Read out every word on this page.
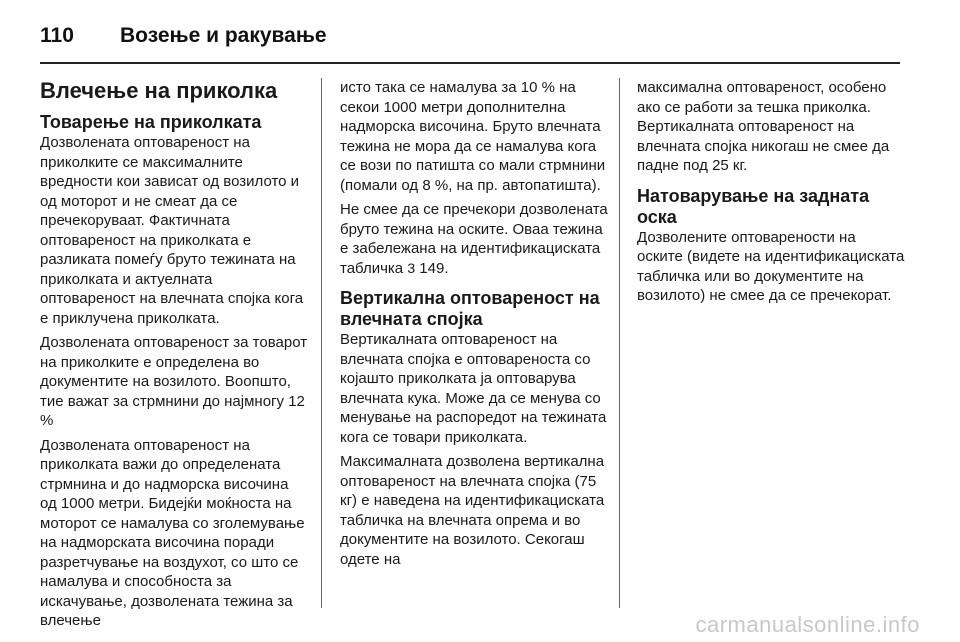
110	Возење и ракување
Влечење на приколка
Товарење на приколката

Дозволената оптовареност на приколките се максималните вредности кои зависат од возилото и од моторот и не смеат да се пречекоруваат. Фактичната оптовареност на приколката е разликата помеѓу бруто тежината на приколката и актуелната оптовареност на влечната спојка кога е приклучена приколката.

Дозволената оптовареност за товарот на приколките е определена во документите на возилото. Воопшто, тие важат за стрмнини до најмногу 12 %

Дозволената оптовареност на приколката важи до определената стрмнина и до надморска височина од 1000 метри. Бидејќи моќноста на моторот се намалува со зголемување на надморската височина поради разретчување на воздухот, со што се намалува и способноста за искачување, дозволената тежина за влечење

исто така се намалува за 10 % на секои 1000 метри дополнителна надморска височина. Бруто влечната тежина не мора да се намалува кога се вози по патишта со мали стрмнини (помали од 8 %, на пр. автопатишта).

Не смее да се пречекори дозволената бруто тежина на оските. Оваа тежина е забележана на идентификациската табличка 3 149.

Вертикална оптовареност на влечната спојка

Вертикалната оптовареност на влечната спојка е оптовареноста со којашто приколката ја оптоварува влечната кука. Може да се менува со менување на распоредот на тежината кога се товари приколката.

Максималната дозволена вертикална оптовареност на влечната спојка (75 кг) е наведена на идентификациската табличка на влечната опрема и во документите на возилото. Секогаш одете на

максимална оптовареност, особено ако се работи за тешка приколка. Вертикалната оптовареност на влечната спојка никогаш не смее да падне под 25 кг.

Натоварување на задната оска

Дозволените оптоварености на оските (видете на идентификациската табличка или во документите на возилото) не смее да се пречекорат.

carmanualsonline.info
